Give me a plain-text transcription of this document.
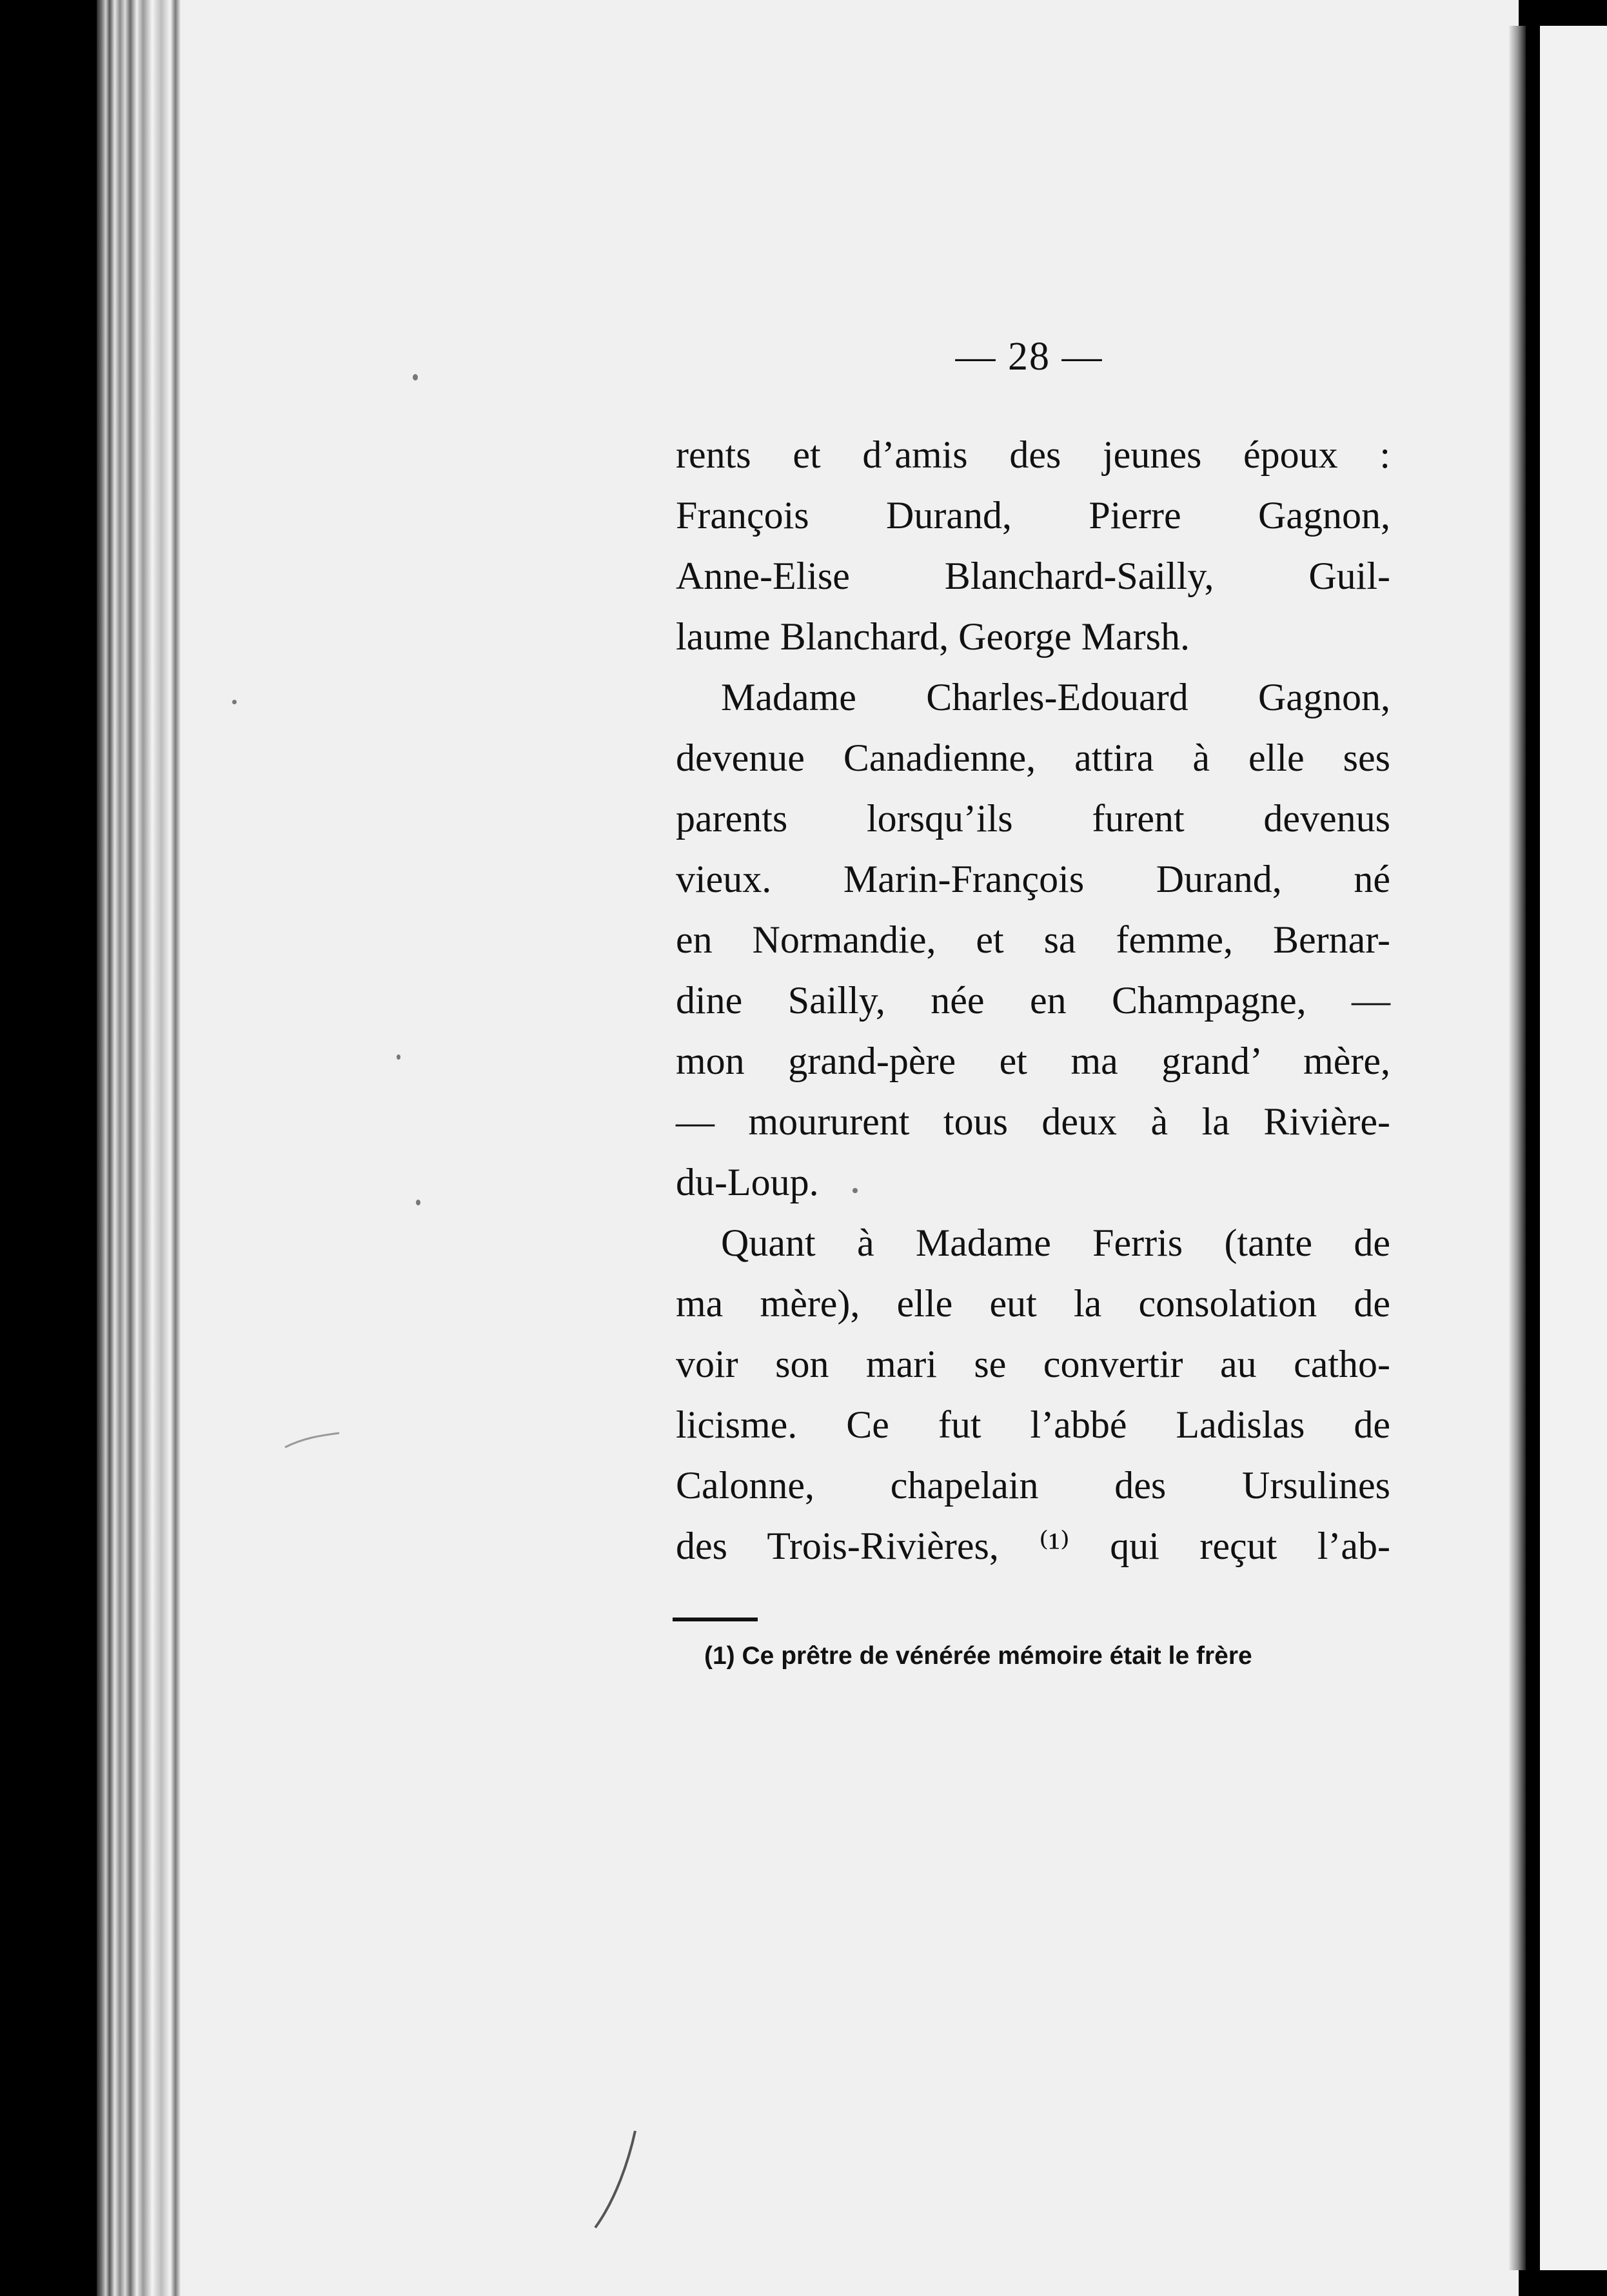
— 28 —
rents et d’amis des jeunes époux :
François Durand, Pierre Gagnon,
Anne-Elise Blanchard-Sailly, Guil-
laume Blanchard, George Marsh.
Madame Charles-Edouard Gagnon,
devenue Canadienne, attira à elle ses
parents lorsqu’ils furent devenus
vieux. Marin-François Durand, né
en Normandie, et sa femme, Bernar-
dine Sailly, née en Champagne, —
mon grand-père et ma grand’ mère,
— moururent tous deux à la Rivière-
du-Loup.
Quant à Madame Ferris (tante de
ma mère), elle eut la consolation de
voir son mari se convertir au catho-
licisme. Ce fut l’abbé Ladislas de
Calonne, chapelain des Ursulines
des Trois-Rivières, ⁽¹⁾ qui reçut l’ab-
(1) Ce prêtre de vénérée mémoire était le frère
